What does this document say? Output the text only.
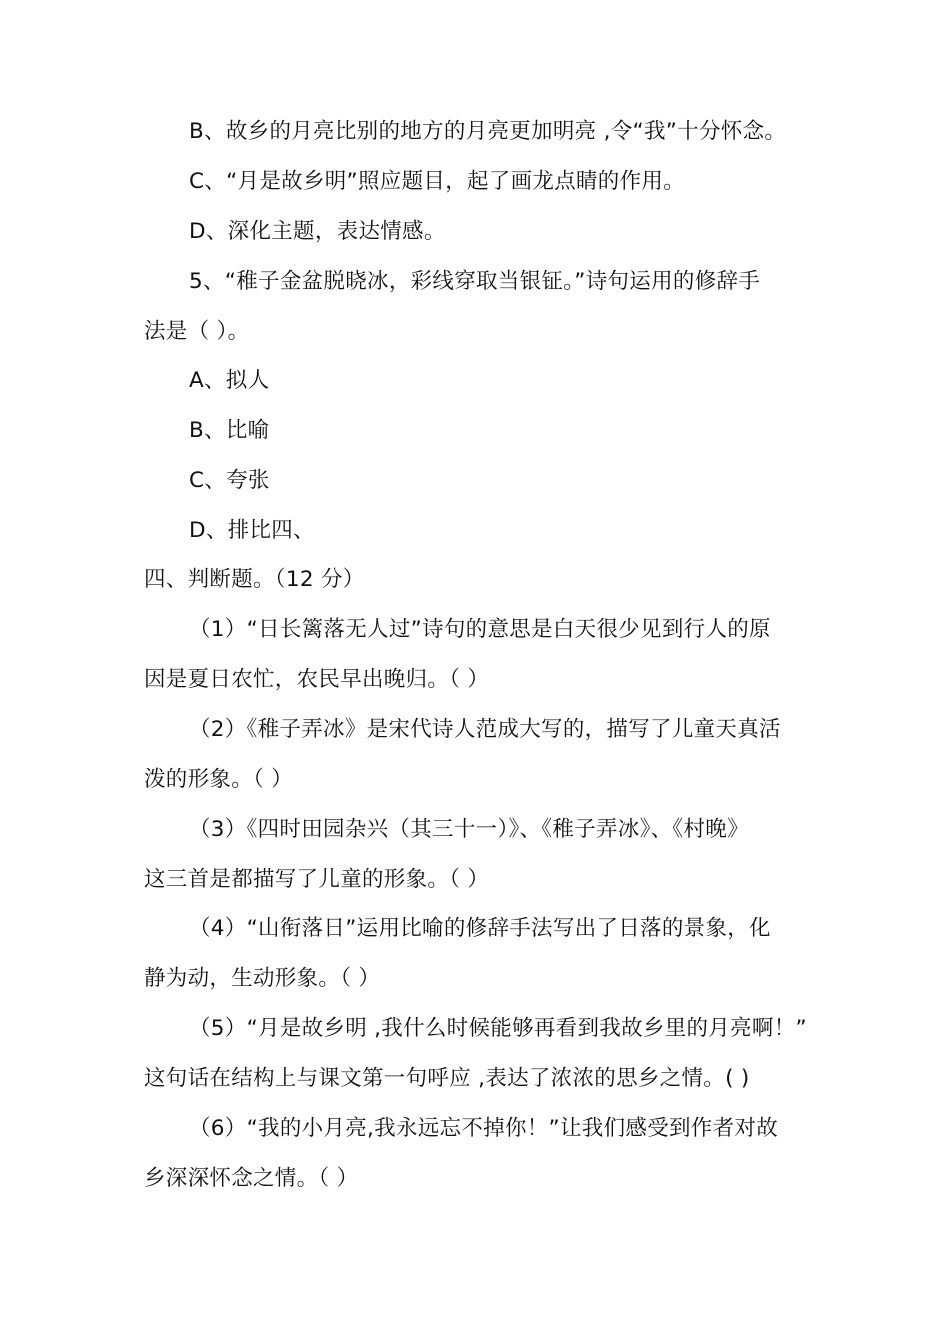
B、故乡的月亮比别的地方的月亮更加明亮 ,令“我”十分怀念。
C、“月是故乡明”照应题目，起了画龙点睛的作用。
D、深化主题，表达情感。
5、“稚子金盆脱晓冰，彩线穿取当银钲。”诗句运用的修辞手
法是（ ）。
A、拟人
B、比喻
C、夸张
D、排比四、
四、判断题。（12 分）
（1）“日长篱落无人过”诗句的意思是白天很少见到行人的原
因是夏日农忙，农民早出晚归。（ ）
（2）《稚子弄冰》是宋代诗人范成大写的，描写了儿童天真活
泼的形象。（ ）
（3）《四时田园杂兴（其三十一）》、《稚子弄冰》、《村晚》
这三首是都描写了儿童的形象。（ ）
（4）“山衔落日”运用比喻的修辞手法写出了日落的景象，化
静为动，生动形象。（ ）
（5）“月是故乡明 ,我什么时候能够再看到我故乡里的月亮啊！”
这句话在结构上与课文第一句呼应 ,表达了浓浓的思乡之情。( )
（6）“我的小月亮,我永远忘不掉你！”让我们感受到作者对故
乡深深怀念之情。（ ）
